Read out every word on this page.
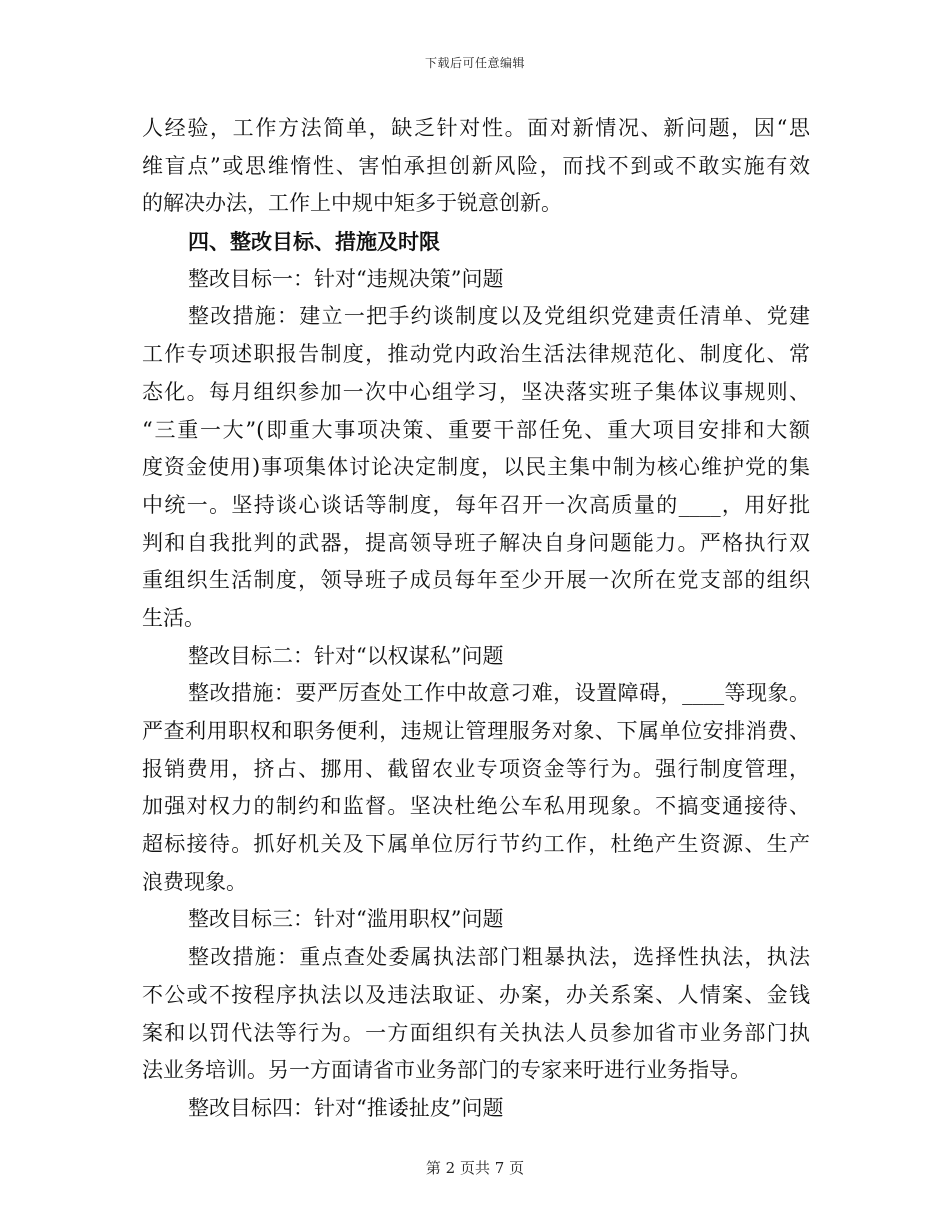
下载后可任意编辑
人经验，工作方法简单，缺乏针对性。面对新情况、新问题，因“思
维盲点”或思维惰性、害怕承担创新风险，而找不到或不敢实施有效
的解决办法，工作上中规中矩多于锐意创新。
四、整改目标、措施及时限
整改目标一：针对“违规决策”问题
整改措施：建立一把手约谈制度以及党组织党建责任清单、党建
工作专项述职报告制度，推动党内政治生活法律规范化、制度化、常
态化。每月组织参加一次中心组学习，坚决落实班子集体议事规则、
“三重一大”(即重大事项决策、重要干部任免、重大项目安排和大额
度资金使用)事项集体讨论决定制度，以民主集中制为核心维护党的集
中统一。坚持谈心谈话等制度，每年召开一次高质量的____，用好批
判和自我批判的武器，提高领导班子解决自身问题能力。严格执行双
重组织生活制度，领导班子成员每年至少开展一次所在党支部的组织
生活。
整改目标二：针对“以权谋私”问题
整改措施：要严厉查处工作中故意刁难，设置障碍，____等现象。
严查利用职权和职务便利，违规让管理服务对象、下属单位安排消费、
报销费用，挤占、挪用、截留农业专项资金等行为。强行制度管理，
加强对权力的制约和监督。坚决杜绝公车私用现象。不搞变通接待、
超标接待。抓好机关及下属单位厉行节约工作，杜绝产生资源、生产
浪费现象。
整改目标三：针对“滥用职权”问题
整改措施：重点查处委属执法部门粗暴执法，选择性执法，执法
不公或不按程序执法以及违法取证、办案，办关系案、人情案、金钱
案和以罚代法等行为。一方面组织有关执法人员参加省市业务部门执
法业务培训。另一方面请省市业务部门的专家来旴进行业务指导。
整改目标四：针对“推诿扯皮”问题
第 2 页共 7 页
